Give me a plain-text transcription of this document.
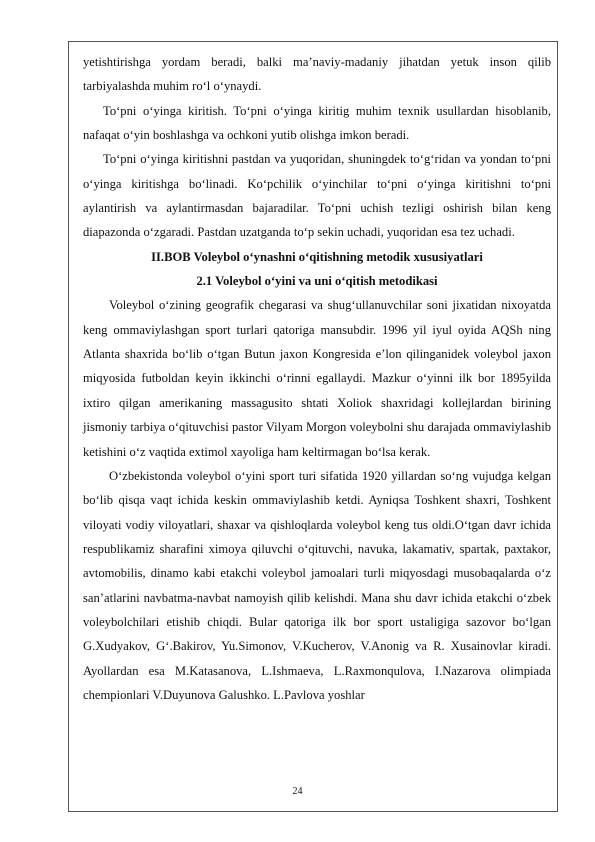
yetishtirishga yordam beradi, balki ma’naviy-madaniy jihatdan yetuk inson qilib tarbiyalashda muhim ro‘l o‘ynaydi.

To‘pni o‘yinga kiritish. To‘pni o‘yinga kiritig muhim texnik usullardan hisoblanib, nafaqat o‘yin boshlashga va ochkoni yutib olishga imkon beradi.

To‘pni o‘yinga kiritishni pastdan va yuqoridan, shuningdek to‘g‘ridan va yondan to‘pni o‘yinga kiritishga bo‘linadi. Ko‘pchilik o‘yinchilar to‘pni o‘yinga kiritishni to‘pni aylantirish va aylantirmasdan bajaradilar. To‘pni uchish tezligi oshirish bilan keng diapazonda o‘zgaradi. Pastdan uzatganda to‘p sekin uchadi, yuqoridan esa tez uchadi.

II.BOB Voleybol o‘ynashni o‘qitishning metodik xususiyatlari
2.1 Voleybol o‘yini va uni o‘qitish metodikasi

Voleybol o‘zining geografik chegarasi va shug‘ullanuvchilar soni jixatidan nixoyatda keng ommaviylashgan sport turlari qatoriga mansubdir. 1996 yil iyul oyida AQSh ning Atlanta shaxrida bo‘lib o‘tgan Butun jaxon Kongresida e’lon qilinganidek voleybol jaxon miqyosida futboldan keyin ikkinchi o‘rinni egallaydi. Mazkur o‘yinni ilk bor 1895yilda ixtiro qilgan amerikaning massagusito shtati Xoliok shaxridagi kollejlardan birining jismoniy tarbiya o‘qituvchisi pastor Vilyam Morgon voleybolni shu darajada ommaviylashib ketishini o‘z vaqtida extimol xayoliga ham keltirmagan bo‘lsa kerak.

O‘zbekistonda voleybol o‘yini sport turi sifatida 1920 yillardan so‘ng vujudga kelgan bo‘lib qisqa vaqt ichida keskin ommaviylashib ketdi. Ayniqsa Toshkent shaxri, Toshkent viloyati vodiy viloyatlari, shaxar va qishloqlarda voleybol keng tus oldi.O‘tgan davr ichida respublikamiz sharafini ximoya qiluvchi o‘qituvchi, navuka, lakamativ, spartak, paxtakor, avtomobilis, dinamo kabi etakchi voleybol jamoalari turli miqyosdagi musobaqalarda o‘z san’atlarini navbatma-navbat namoyish qilib kelishdi. Mana shu davr ichida etakchi o‘zbek voleybolchilari etishib chiqdi. Bular qatoriga ilk bor sport ustaligiga sazovor bo‘lgan G.Xudyakov, G‘.Bakirov, Yu.Simonov, V.Kucherov, V.Anonig va R. Xusainovlar kiradi. Ayollardan esa M.Katasanova, L.Ishmaeva, L.Raxmonqulova, I.Nazarova olimpiada chempionlari V.Duyunova Galushko. L.Pavlova yoshlar

24
